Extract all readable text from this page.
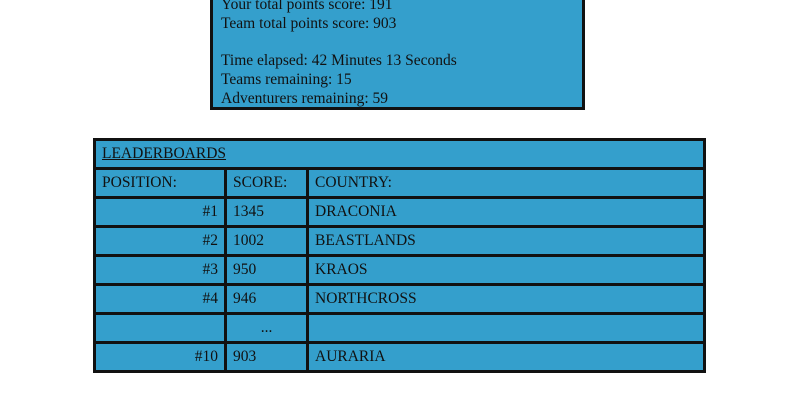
Your total points score: 191
Team total points score: 903
Time elapsed: 42 Minutes 13 Seconds
Teams remaining: 15
Adventurers remaining: 59
LEADERBOARDS		
POSITION:	SCORE:	COUNTRY:
#1	1345	DRACONIA
#2	1002	BEASTLANDS
#3	950	KRAOS
#4	946	NORTHCROSS
	...	
#10	903	AURARIA
